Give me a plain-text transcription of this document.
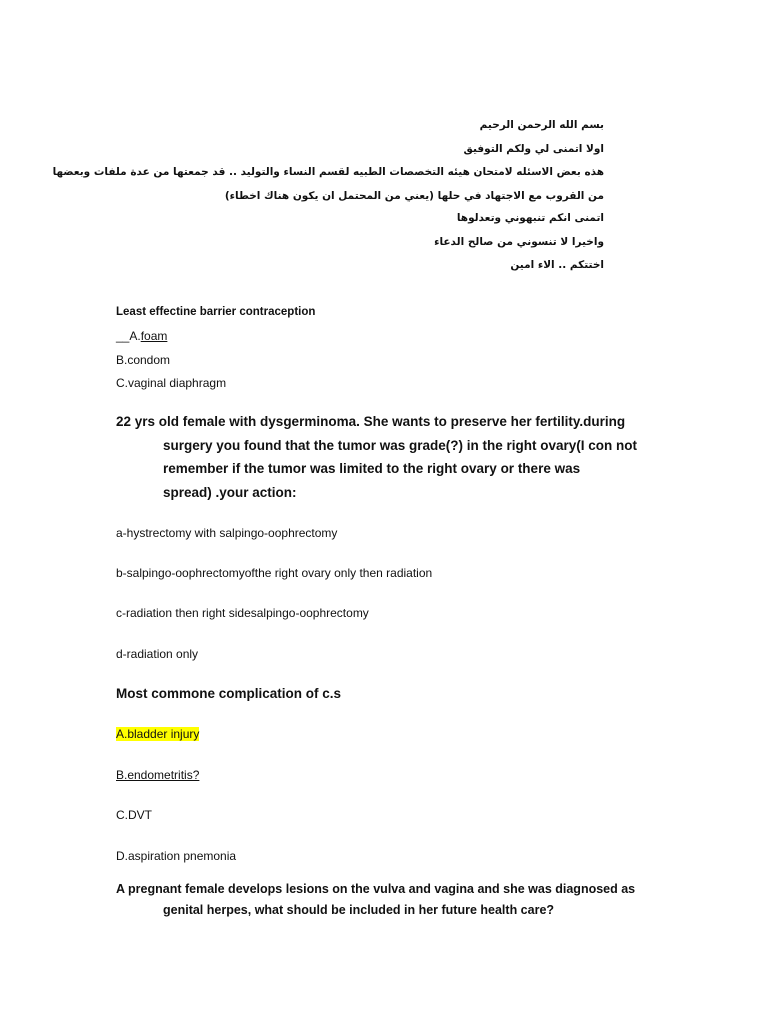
بسم الله الرحمن الرحيم
اولا اتمنى لي ولكم التوفيق
هذه بعض الاسئله لامتحان هيئه التخصصات الطبيه لقسم النساء والتوليد .. قد جمعتها من عدة ملفات وبعضها
من القروب مع الاجتهاد في حلها (يعني من المحتمل ان يكون هناك اخطاء)
اتمنى انكم تنبهوني وتعدلوها
واخيرا لا تنسوني من صالح الدعاء
اختتكم .. الاء امين
Least effectine barrier contraception
__A.foam
B.condom
C.vaginal diaphragm
22 yrs old female with dysgerminoma. She wants to preserve her fertility.during
surgery you found that the tumor was grade(?) in the right ovary(I con not
remember if the tumor was limited to the right ovary or there was
spread) .your action:
a-hystrectomy with salpingo-oophrectomy
b-salpingo-oophrectomyofthe right ovary only then radiation
c-radiation then right sidesalpingo-oophrectomy
d-radiation only
Most commone complication of c.s
A.bladder injury
B.endometritis?
C.DVT
D.aspiration pnemonia
A pregnant female develops lesions on the vulva and vagina and she was diagnosed as
genital herpes, what should be included in her future health care?
